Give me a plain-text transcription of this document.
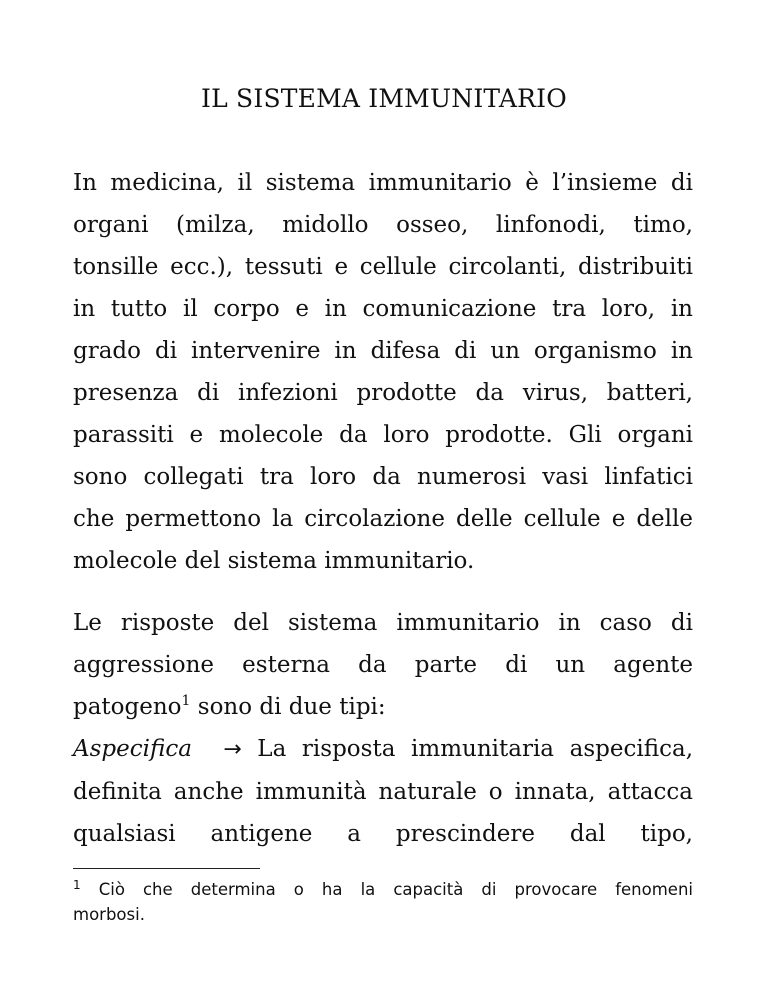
IL SISTEMA IMMUNITARIO

In medicina, il sistema immunitario è l’insieme di
organi (milza, midollo osseo, linfonodi, timo,
tonsille ecc.), tessuti e cellule circolanti, distribuiti
in tutto il corpo e in comunicazione tra loro, in
grado di intervenire in difesa di un organismo in
presenza di infezioni prodotte da virus, batteri,
parassiti e molecole da loro prodotte. Gli organi
sono collegati tra loro da numerosi vasi linfatici
che permettono la circolazione delle cellule e delle
molecole del sistema immunitario.

Le risposte del sistema immunitario in caso di
aggressione esterna da parte di un agente
patogeno$^1$ sono di due tipi:
Aspecifica → La risposta immunitaria aspecifica,
definita anche immunità naturale o innata, attacca
qualsiasi antigene a prescindere dal tipo,

$^1$ Ciò che determina o ha la capacità di provocare fenomeni
morbosi.
